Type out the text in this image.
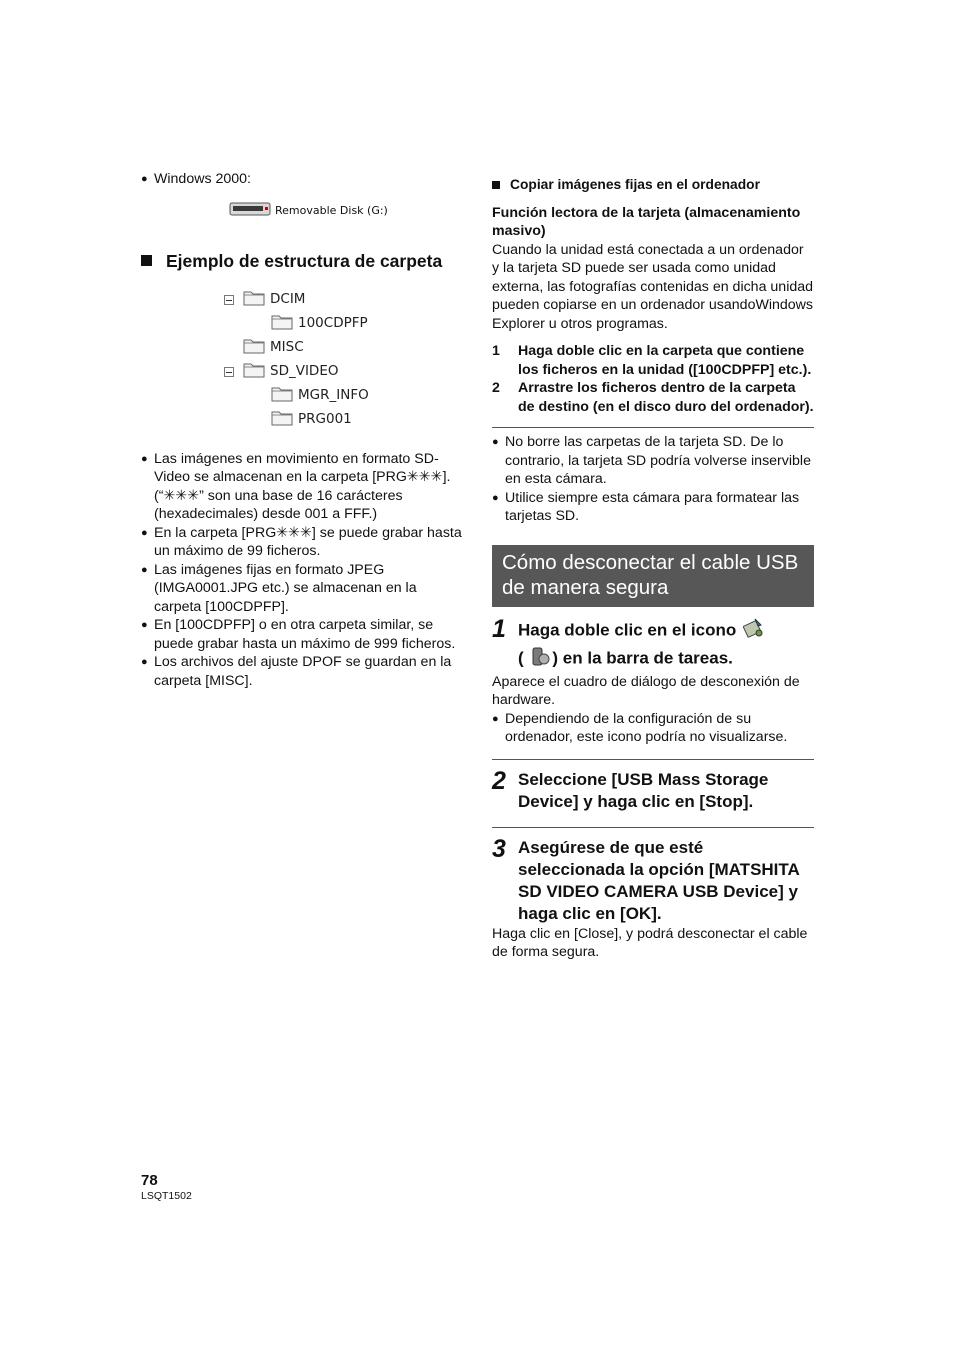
● Windows 2000:
Removable Disk (G:)
Ejemplo de estructura de carpeta
DCIM
100CDPFP
MISC
SD_VIDEO
MGR_INFO
PRG001
● Las imágenes en movimiento en formato SD-Video se almacenan en la carpeta [PRG✳✳✳]. (“✳✳✳” son una base de 16 carácteres (hexadecimales) desde 001 a FFF.)
● En la carpeta [PRG✳✳✳] se puede grabar hasta un máximo de 99 ficheros.
● Las imágenes fijas en formato JPEG (IMGA0001.JPG etc.) se almacenan en la carpeta [100CDPFP].
● En [100CDPFP] o en otra carpeta similar, se puede grabar hasta un máximo de 999 ficheros.
● Los archivos del ajuste DPOF se guardan en la carpeta [MISC].
Copiar imágenes fijas en el ordenador

Función lectora de la tarjeta (almacenamiento masivo)

Cuando la unidad está conectada a un ordenador y la tarjeta SD puede ser usada como unidad externa, las fotografías contenidas en dicha unidad pueden copiarse en un ordenador usandoWindows Explorer u otros programas.

1	Haga doble clic en la carpeta que contiene los ficheros en la unidad ([100CDPFP] etc.).
2	Arrastre los ficheros dentro de la carpeta de destino (en el disco duro del ordenador).
● No borre las carpetas de la tarjeta SD. De lo contrario, la tarjeta SD podría volverse inservible en esta cámara.
● Utilice siempre esta cámara para formatear las tarjetas SD.
Cómo desconectar el cable USB de manera segura
1 Haga doble clic en el icono
( ) en la barra de tareas.

Aparece el cuadro de diálogo de desconexión de hardware.

● Dependiendo de la configuración de su ordenador, este icono podría no visualizarse.
2 Seleccione [USB Mass Storage Device] y haga clic en [Stop].
3 Asegúrese de que esté seleccionada la opción [MATSHITA SD VIDEO CAMERA USB Device] y haga clic en [OK].

Haga clic en [Close], y podrá desconectar el cable de forma segura.

78
LSQT1502
